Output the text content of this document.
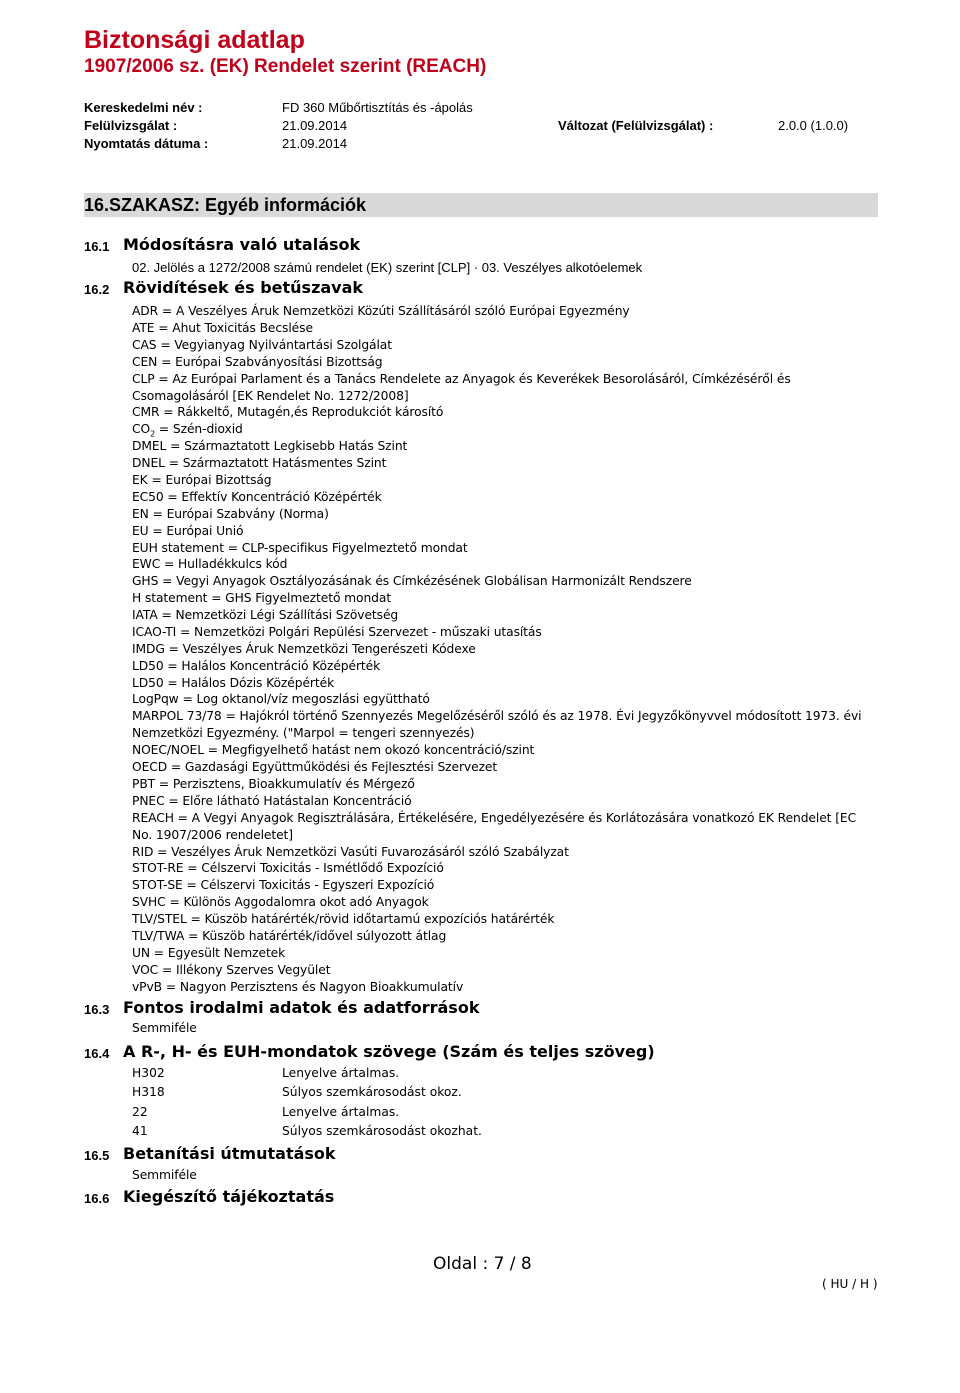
Biztonsági adatlap
1907/2006 sz. (EK) Rendelet szerint (REACH)
Kereskedelmi név :	FD 360 Műbőrtisztítás és -ápolás
Felülvizsgálat :	21.09.2014	Változat (Felülvizsgálat) :	2.0.0 (1.0.0)
Nyomtatás dátuma :	21.09.2014
16.SZAKASZ: Egyéb információk
16.1 Módosításra való utalások
02. Jelölés a 1272/2008 számú rendelet (EK) szerint [CLP] · 03. Veszélyes alkotóelemek
16.2 Rövidítések és betűszavak
ADR = A Veszélyes Áruk Nemzetközi Közúti Szállításáról szóló Európai Egyezmény
ATE = Ahut Toxicitás Becslése
CAS = Vegyianyag Nyilvántartási Szolgálat
CEN = Európai Szabványosítási Bizottság
CLP = Az Európai Parlament és a Tanács Rendelete az Anyagok és Keverékek Besorolásáról, Címkézéséről és
Csomagolásáról [EK Rendelet No. 1272/2008]
CMR = Rákkeltő, Mutagén,és Reprodukciót károsító
$CO_2$ = Szén-dioxid
DMEL = Származtatott Legkisebb Hatás Szint
DNEL = Származtatott Hatásmentes Szint
EK = Európai Bizottság
EC50 = Effektív Koncentráció Középérték
EN = Európai Szabvány (Norma)
EU = Európai Unió
EUH statement = CLP-specifikus Figyelmeztető mondat
EWC = Hulladékkulcs kód
GHS = Vegyi Anyagok Osztályozásának és Címkézésének Globálisan Harmonizált Rendszere
H statement = GHS Figyelmeztető mondat
IATA = Nemzetközi Légi Szállítási Szövetség
ICAO-TI = Nemzetközi Polgári Repülési Szervezet - műszaki utasítás
IMDG = Veszélyes Áruk Nemzetközi Tengerészeti Kódexe
LD50 = Halálos Koncentráció Középérték
LD50 = Halálos Dózis Középérték
LogPqw = Log oktanol/víz megoszlási együttható
MARPOL 73/78 = Hajókról történő Szennyezés Megelőzéséről szóló és az 1978. Évi Jegyzőkönyvvel módosított 1973. évi
Nemzetközi Egyezmény. ("Marpol = tengeri szennyezés)
NOEC/NOEL = Megfigyelhető hatást nem okozó koncentráció/szint
OECD = Gazdasági Együttműködési és Fejlesztési Szervezet
PBT = Perzisztens, Bioakkumulatív és Mérgező
PNEC = Előre látható Hatástalan Koncentráció
REACH = A Vegyi Anyagok Regisztrálására, Értékelésére, Engedélyezésére és Korlátozására vonatkozó EK Rendelet [EC
No. 1907/2006 rendeletet]
RID = Veszélyes Áruk Nemzetközi Vasúti Fuvarozásáról szóló Szabályzat
STOT-RE = Célszervi Toxicitás - Ismétlődő Expozíció
STOT-SE = Célszervi Toxicitás - Egyszeri Expozíció
SVHC = Különös Aggodalomra okot adó Anyagok
TLV/STEL = Küszöb határérték/rövid időtartamú expozíciós határérték
TLV/TWA = Küszöb határérték/idővel súlyozott átlag
UN = Egyesült Nemzetek
VOC = Illékony Szerves Vegyület
vPvB = Nagyon Perzisztens és Nagyon Bioakkumulatív
16.3 Fontos irodalmi adatok és adatforrások
Semmiféle
16.4 A R-, H- és EUH-mondatok szövege (Szám és teljes szöveg)
H302	Lenyelve ártalmas.
H318	Súlyos szemkárosodást okoz.
22	Lenyelve ártalmas.
41	Súlyos szemkárosodást okozhat.
16.5 Betanítási útmutatások
Semmiféle
16.6 Kiegészítő tájékoztatás
Oldal : 7 / 8
( HU / H )
